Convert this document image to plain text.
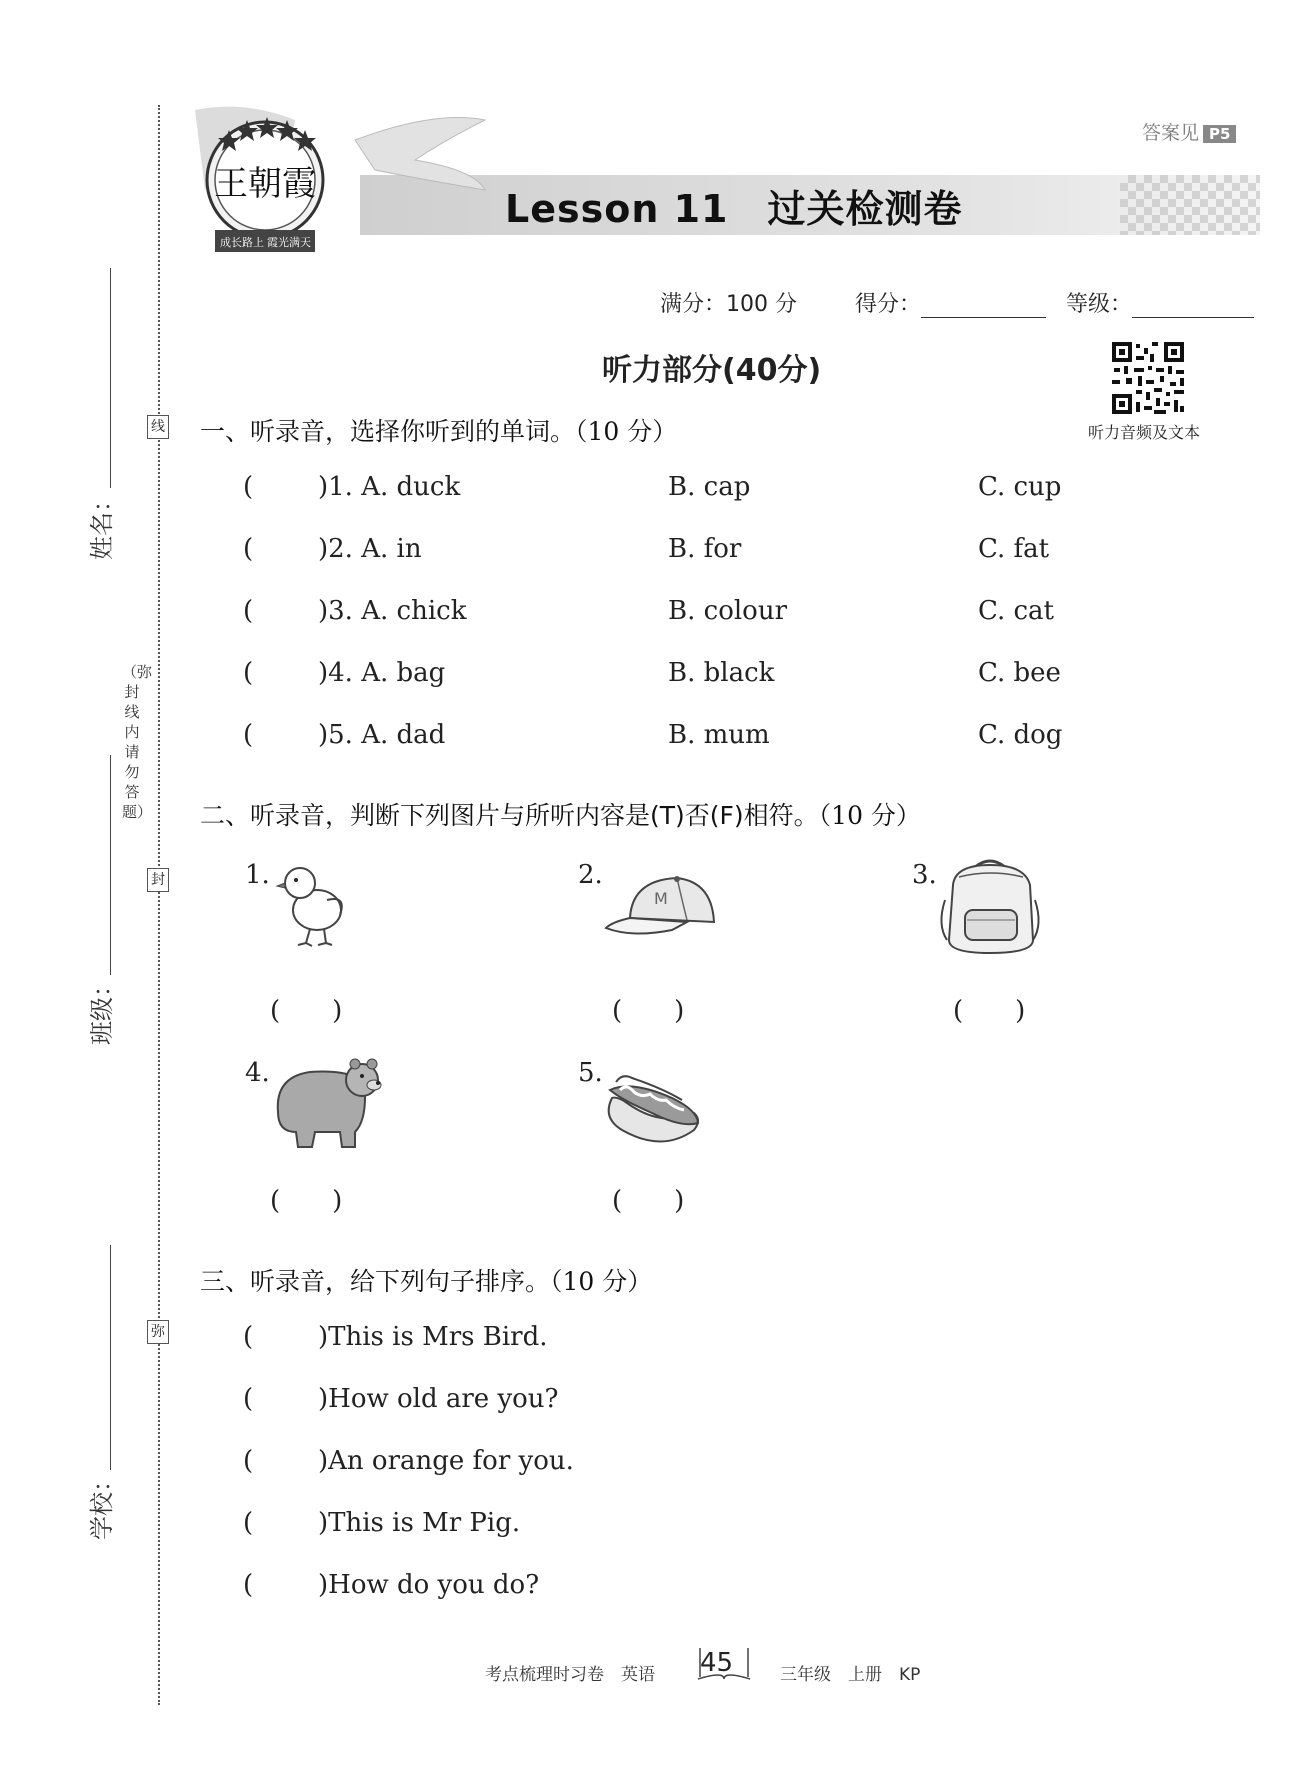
线
封
弥
（弥封线内请勿答题）
姓名：
班级：
学校：
王朝霞
成长路上 霞光满天
Lesson 11　过关检测卷
答案见 P5
满分：100 分	得分：	等级：
听力部分(40分)
听力音频及文本
一、听录音，选择你听到的单词。（10 分）
( )1. A. duck	B. cap	C. cup
( )2. A. in	B. for	C. fat
( )3. A. chick	B. colour	C. cat
( )4. A. bag	B. black	C. bee
( )5. A. dad	B. mum	C. dog
二、听录音，判断下列图片与所听内容是(T)否(F)相符。（10 分）
1.
(　　)
2.
M
(　　)
3.
(　　)
4.
(　　)
5.
(　　)
三、听录音，给下列句子排序。（10 分）
( )This is Mrs Bird.
( )How old are you?
( )An orange for you.
( )This is Mr Pig.
( )How do you do?
考点梳理时习卷　英语 45	三年级　上册　KP
